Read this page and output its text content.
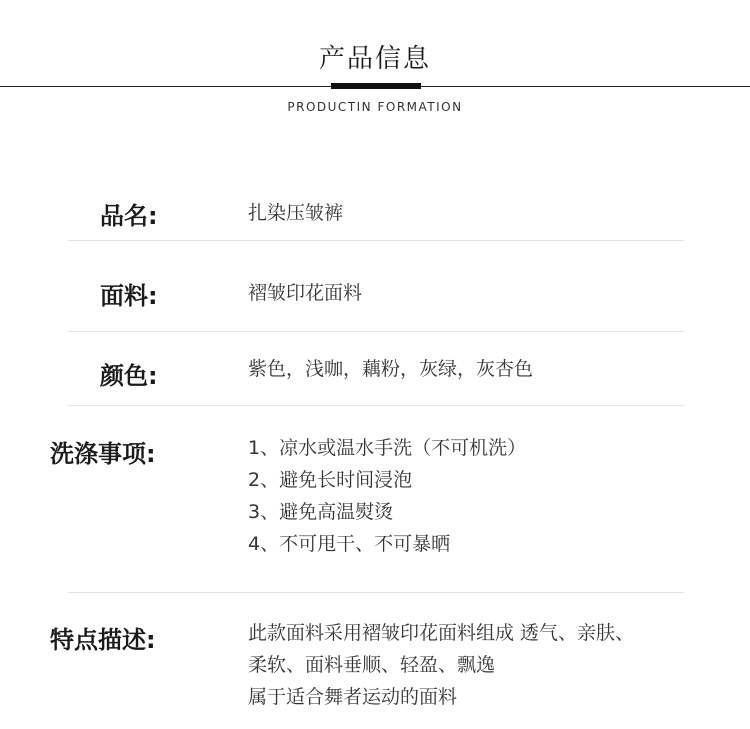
产品信息
PRODUCTIN FORMATION
品名:	扎染压皱裤
面料:	褶皱印花面料
颜色:	紫色，浅咖，藕粉，灰绿，灰杏色
洗涤事项:	1、凉水或温水手洗（不可机洗）
2、避免长时间浸泡
3、避免高温熨烫
4、不可甩干、不可暴晒
特点描述:	此款面料采用褶皱印花面料组成 透气、亲肤、
柔软、面料垂顺、轻盈、飘逸
属于适合舞者运动的面料
